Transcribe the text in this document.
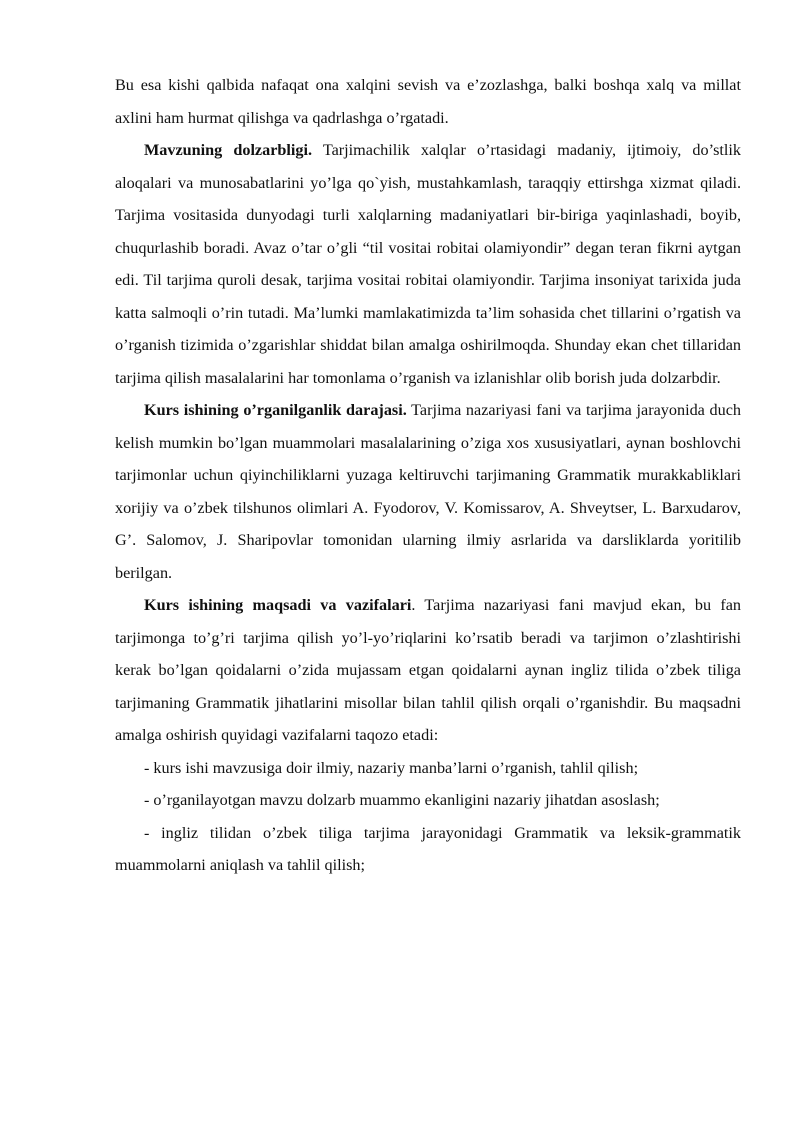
Bu esa kishi qalbida nafaqat ona xalqini sevish va e’zozlashga, balki boshqa xalq va millat axlini ham hurmat qilishga va qadrlashga o’rgatadi.

Mavzuning dolzarbligi. Tarjimachilik xalqlar o’rtasidagi madaniy, ijtimoiy, do’stlik aloqalari va munosabatlarini yo’lga qo`yish, mustahkamlash, taraqqiy ettirshga xizmat qiladi. Tarjima vositasida dunyodagi turli xalqlarning madaniyatlari bir-biriga yaqinlashadi, boyib, chuqurlashib boradi. Avaz o’tar o’gli “til vositai robitai olamiyondir” degan teran fikrni aytgan edi. Til tarjima quroli desak, tarjima vositai robitai olamiyondir. Tarjima insoniyat tarixida juda katta salmoqli o’rin tutadi. Ma’lumki mamlakatimizda ta’lim sohasida chet tillarini o’rgatish va o’rganish tizimida o’zgarishlar shiddat bilan amalga oshirilmoqda. Shunday ekan chet tillaridan tarjima qilish masalalarini har tomonlama o’rganish va izlanishlar olib borish juda dolzarbdir.

Kurs ishining o’rganilganlik darajasi. Tarjima nazariyasi fani va tarjima jarayonida duch kelish mumkin bo’lgan muammolari masalalarining o’ziga xos xususiyatlari, aynan boshlovchi tarjimonlar uchun qiyinchiliklarni yuzaga keltiruvchi tarjimaning Grammatik murakkabliklari xorijiy va o’zbek tilshunos olimlari A. Fyodorov, V. Komissarov, A. Shveytser, L. Barxudarov, G’. Salomov, J. Sharipovlar tomonidan ularning ilmiy asrlarida va darsliklarda yoritilib berilgan.

Kurs ishining maqsadi va vazifalari. Tarjima nazariyasi fani mavjud ekan, bu fan tarjimonga to’g’ri tarjima qilish yo’l-yo’riqlarini ko’rsatib beradi va tarjimon o’zlashtirishi kerak bo’lgan qoidalarni o’zida mujassam etgan qoidalarni aynan ingliz tilida o’zbek tiliga tarjimaning Grammatik jihatlarini misollar bilan tahlil qilish orqali o’rganishdir. Bu maqsadni amalga oshirish quyidagi vazifalarni taqozo etadi:

- kurs ishi mavzusiga doir ilmiy, nazariy manba’larni o’rganish, tahlil qilish;

- o’rganilayotgan mavzu dolzarb muammo ekanligini nazariy jihatdan asoslash;

- ingliz tilidan o’zbek tiliga tarjima jarayonidagi Grammatik va leksik-grammatik muammolarni aniqlash va tahlil qilish;
